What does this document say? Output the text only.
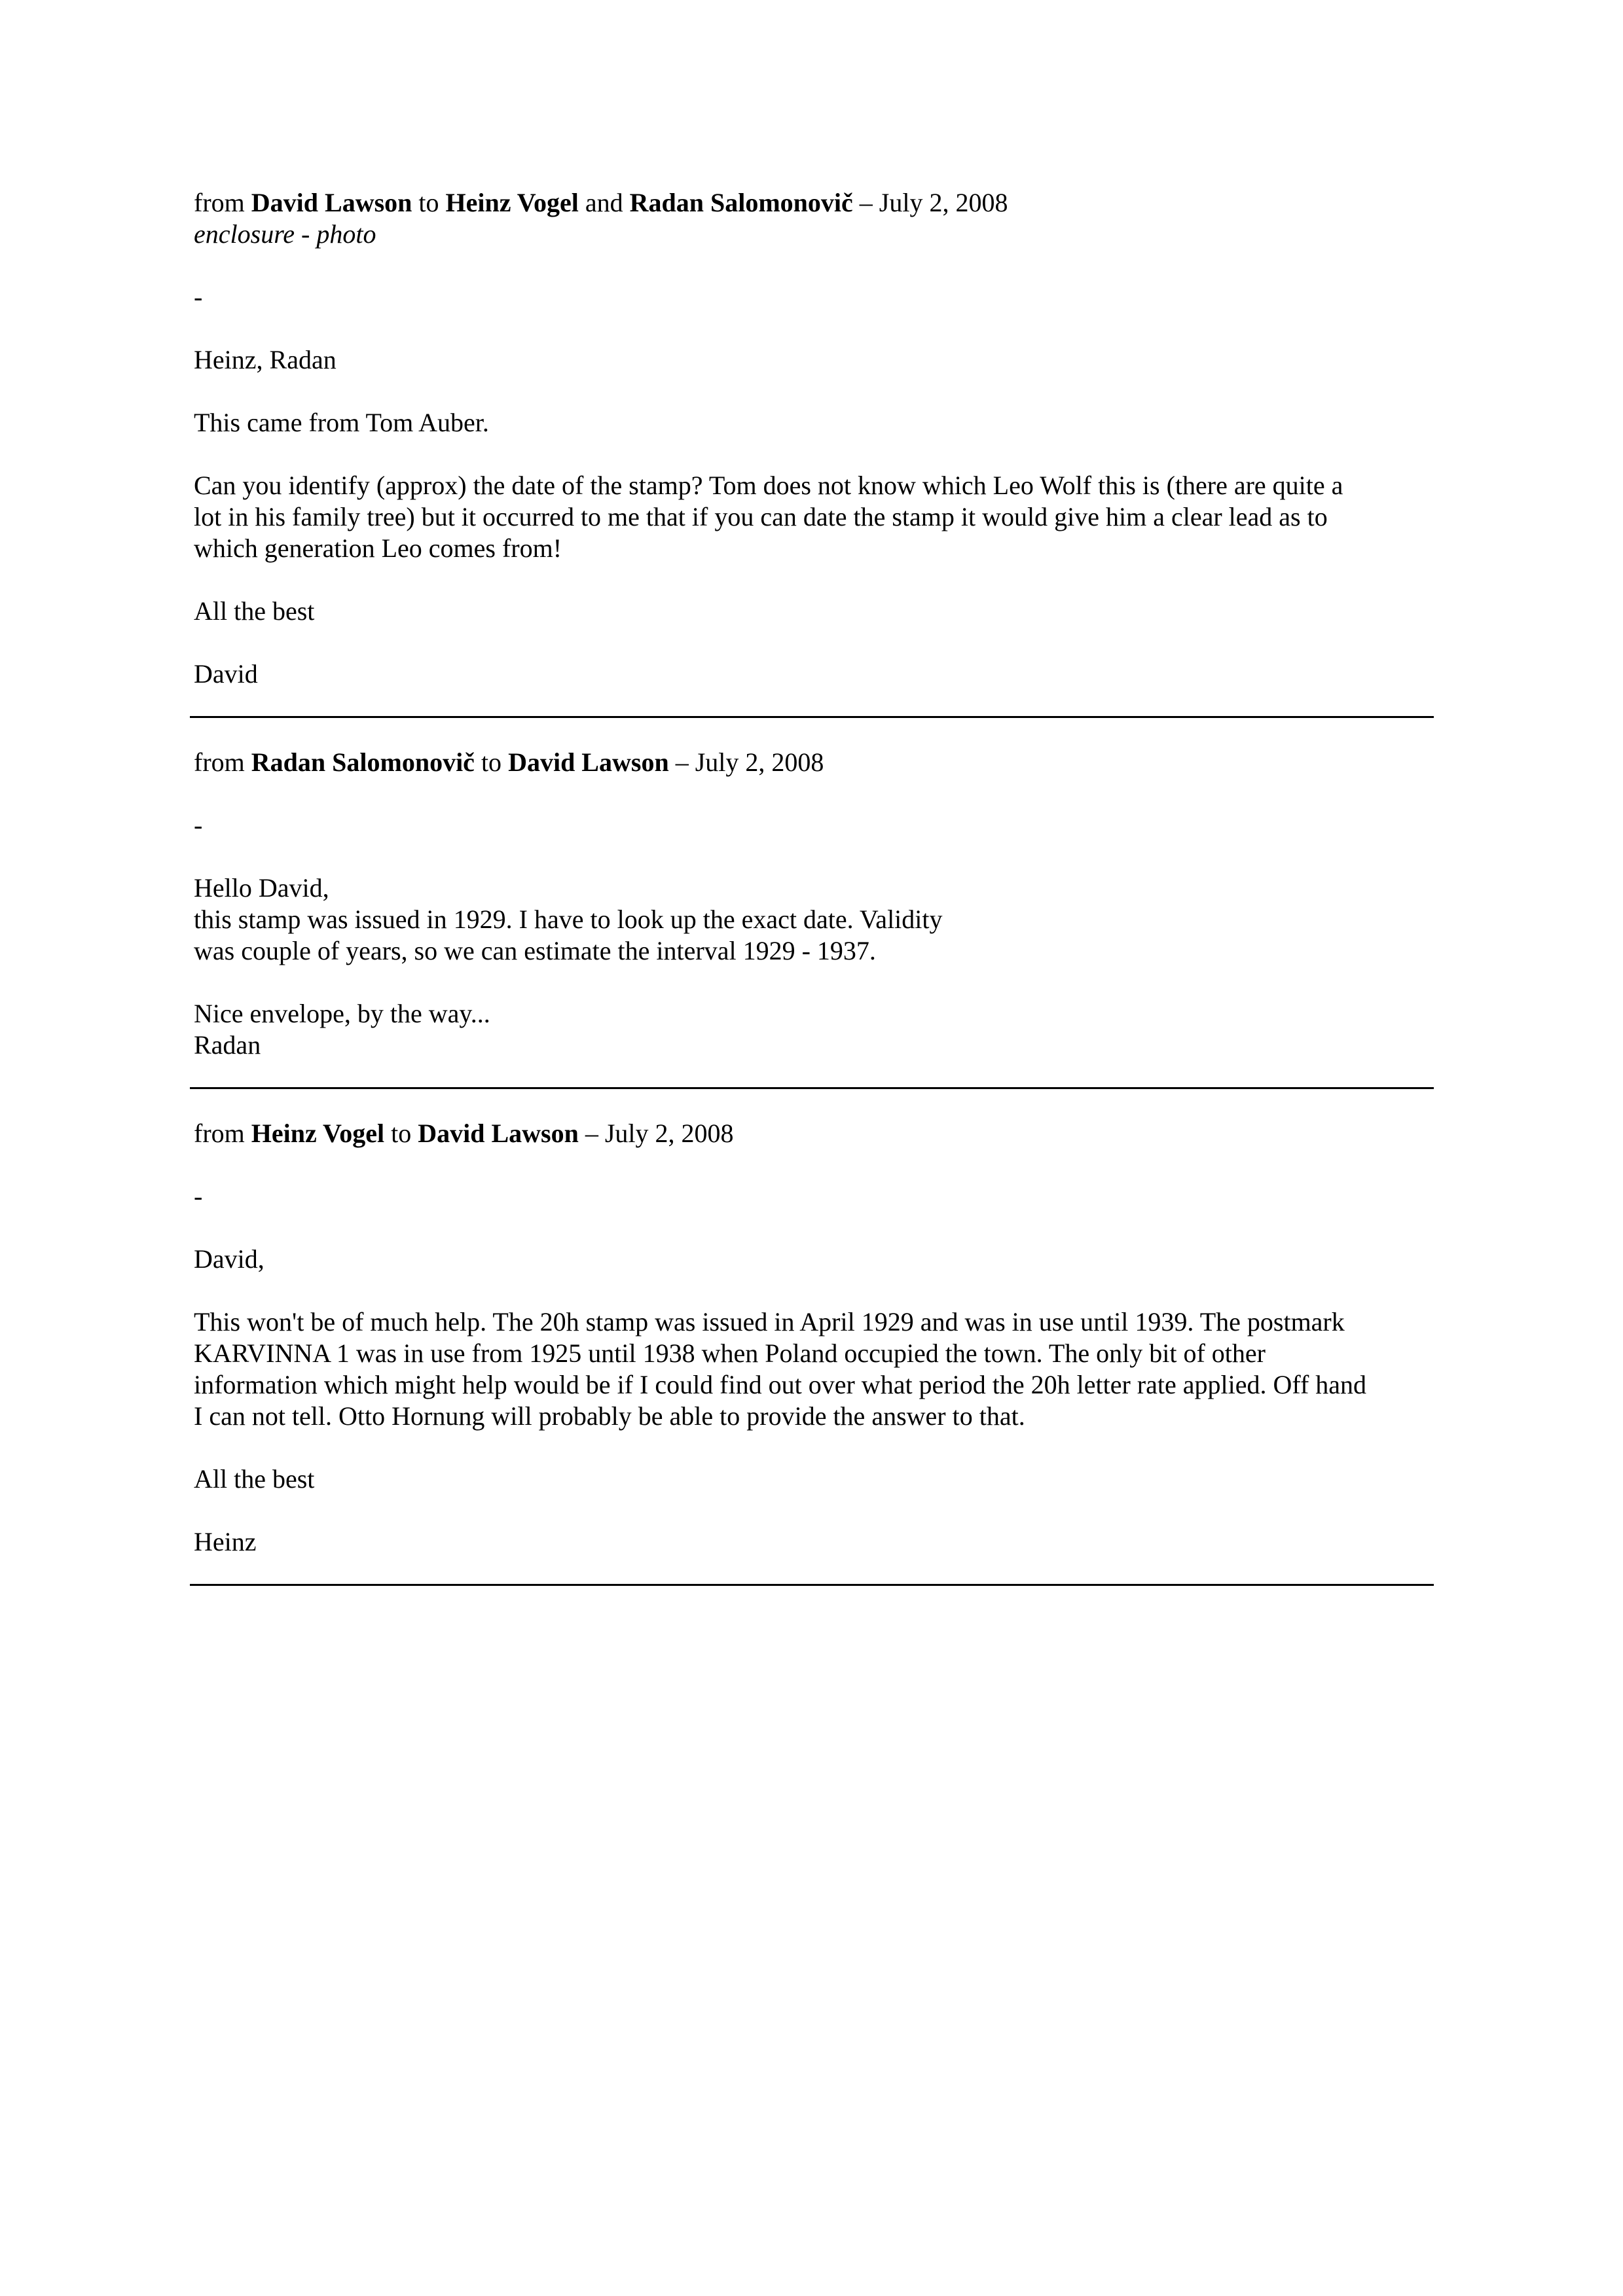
from David Lawson to Heinz Vogel and Radan Salomonovič – July 2, 2008

enclosure - photo

-

Heinz, Radan

This came from Tom Auber.

Can you identify (approx) the date of the stamp? Tom does not know which Leo Wolf this is (there are quite a

lot in his family tree) but it occurred to me that if you can date the stamp it would give him a clear lead as to

which generation Leo comes from!

All the best

David

from Radan Salomonovič to David Lawson – July 2, 2008

-

Hello David,

this stamp was issued in 1929. I have to look up the exact date. Validity

was couple of years, so we can estimate the interval 1929 - 1937.

Nice envelope, by the way...

Radan

from Heinz Vogel to David Lawson – July 2, 2008

-

David,

This won't be of much help. The 20h stamp was issued in April 1929 and was in use until 1939. The postmark

KARVINNA 1 was in use from 1925 until 1938 when Poland occupied the town. The only bit of other

information which might help would be if I could find out over what period the 20h letter rate applied. Off hand

I can not tell. Otto Hornung will probably be able to provide the answer to that.

All the best

Heinz
